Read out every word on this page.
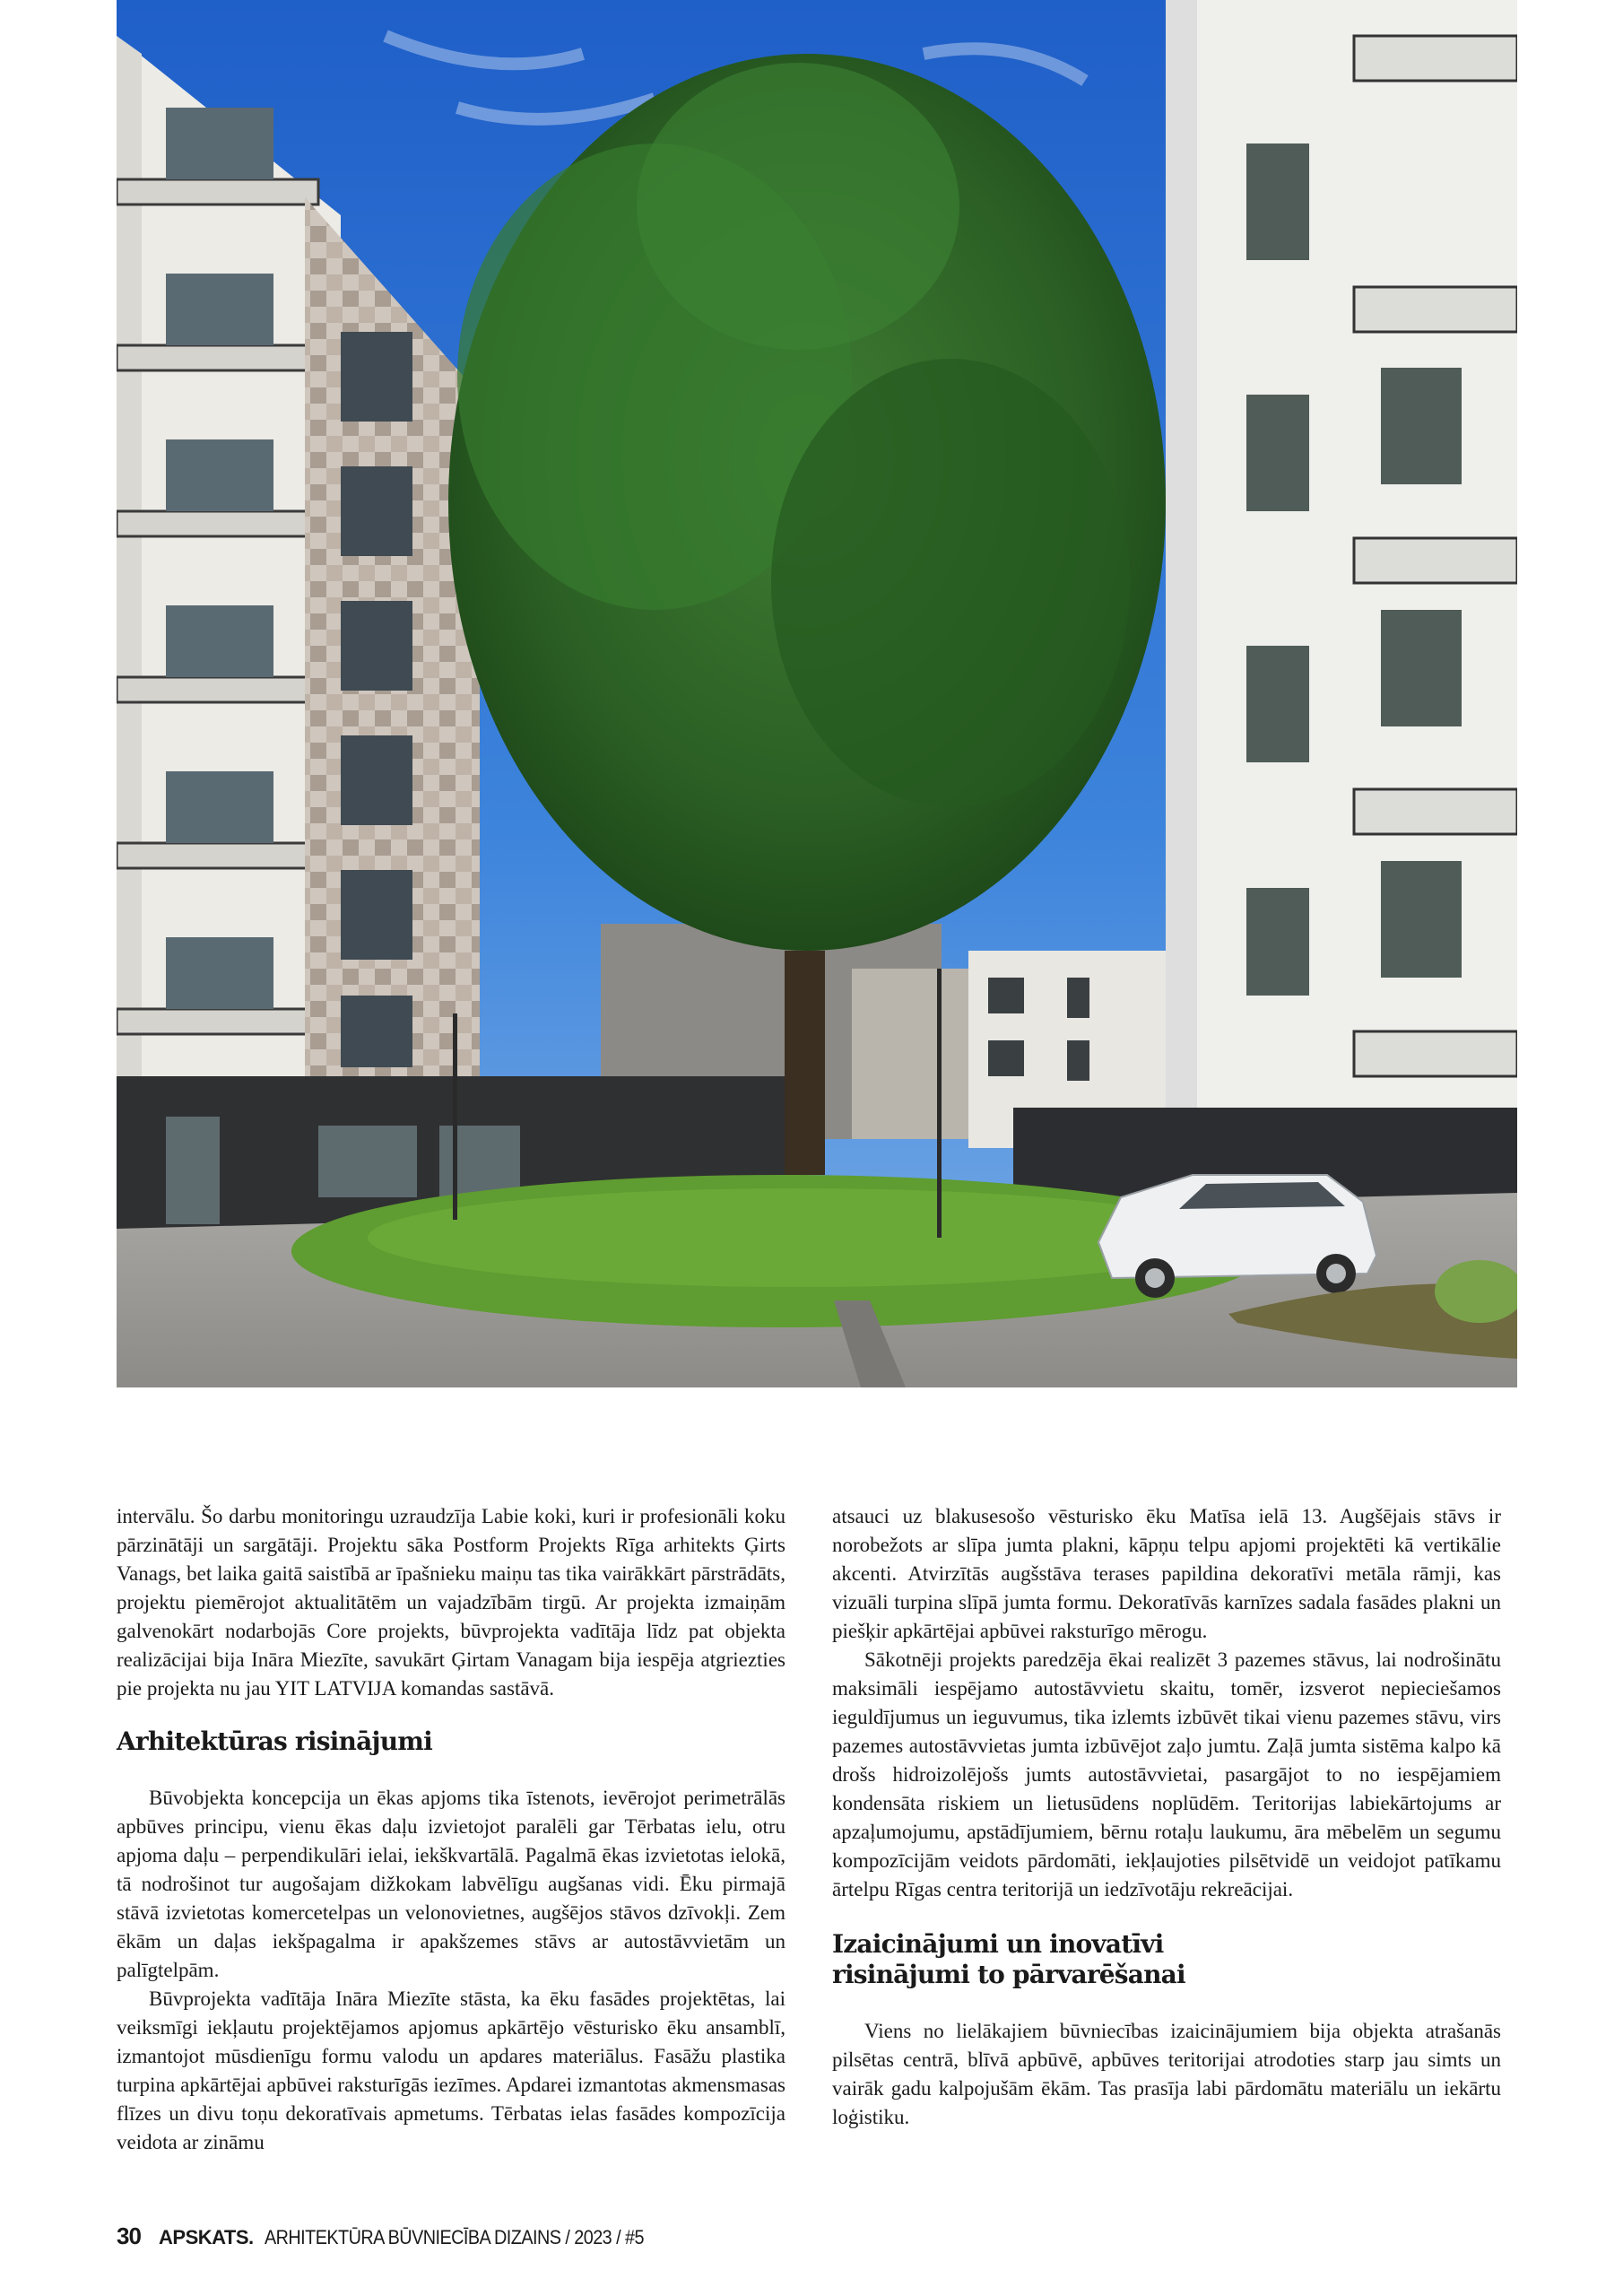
intervālu. Šo darbu monitoringu uzraudzīja Labie koki, kuri ir profesionāli koku pārzinātāji un sargātāji. Projektu sāka Postform Projekts Rīga arhitekts Ģirts Vanags, bet laika gaitā saistībā ar īpašnieku maiņu tas tika vairākkārt pārstrādāts, projektu piemērojot aktualitātēm un vajadzībām tirgū. Ar projekta izmaiņām galvenokārt nodarbojās Core projekts, būvprojekta vadītāja līdz pat objekta realizācijai bija Ināra Miezīte, savukārt Ģirtam Vanagam bija iespēja atgriezties pie projekta nu jau YIT LATVIJA komandas sastāvā.

Arhitektūras risinājumi

Būvobjekta koncepcija un ēkas apjoms tika īstenots, ievērojot perimetrālās apbūves principu, vienu ēkas daļu izvietojot paralēli gar Tērbatas ielu, otru apjoma daļu – perpendikulāri ielai, iekškvartālā. Pagalmā ēkas izvietotas ielokā, tā nodrošinot tur augošajam dižkokam labvēlīgu augšanas vidi. Ēku pirmajā stāvā izvietotas komercetelpas un velonovietnes, augšējos stāvos dzīvokļi. Zem ēkām un daļas iekšpagalma ir apakšzemes stāvs ar autostāvvietām un palīgtelpām.

Būvprojekta vadītāja Ināra Miezīte stāsta, ka ēku fasādes projektētas, lai veiksmīgi iekļautu projektējamos apjomus apkārtējo vēsturisko ēku ansamblī, izmantojot mūsdienīgu formu valodu un apdares materiālus. Fasāžu plastika turpina apkārtējai apbūvei raksturīgās iezīmes. Apdarei izmantotas akmensmasas flīzes un divu toņu dekoratīvais apmetums. Tērbatas ielas fasādes kompozīcija veidota ar zināmu

atsauci uz blakusesošo vēsturisko ēku Matīsa ielā 13. Augšējais stāvs ir norobežots ar slīpa jumta plakni, kāpņu telpu apjomi projektēti kā vertikālie akcenti. Atvirzītās augšstāva terases papildina dekoratīvi metāla rāmji, kas vizuāli turpina slīpā jumta formu. Dekoratīvās karnīzes sadala fasādes plakni un piešķir apkārtējai apbūvei raksturīgo mērogu.

Sākotnēji projekts paredzēja ēkai realizēt 3 pazemes stāvus, lai nodrošinātu maksimāli iespējamo autostāvvietu skaitu, tomēr, izsverot nepieciešamos ieguldījumus un ieguvumus, tika izlemts izbūvēt tikai vienu pazemes stāvu, virs pazemes autostāvvietas jumta izbūvējot zaļo jumtu. Zaļā jumta sistēma kalpo kā drošs hidroizolējošs jumts autostāvvietai, pasargājot to no iespējamiem kondensāta riskiem un lietusūdens noplūdēm. Teritorijas labiekārtojums ar apzaļumojumu, apstādījumiem, bērnu rotaļu laukumu, āra mēbelēm un segumu kompozīcijām veidots pārdomāti, iekļaujoties pilsētvidē un veidojot patīkamu ārtelpu Rīgas centra teritorijā un iedzīvotāju rekreācijai.

Izaicinājumi un inovatīvi
risinājumi to pārvarēšanai

Viens no lielākajiem būvniecības izaicinājumiem bija objekta atrašanās pilsētas centrā, blīvā apbūvē, apbūves teritorijai atrodoties starp jau simts un vairāk gadu kalpojušām ēkām. Tas prasīja labi pārdomātu materiālu un iekārtu loģistiku.

30 APSKATS. ARHITEKTŪRA BŪVNIECĪBA DIZAINS / 2023 / #5
